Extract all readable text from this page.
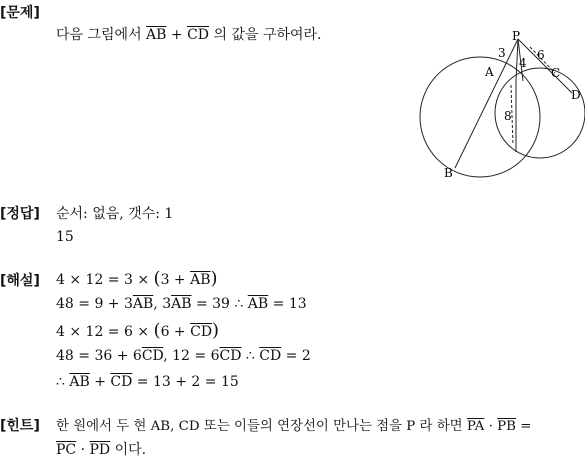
[문제]
다음 그림에서 $\overline{AB} + \overline{CD}$ 의 값을 구하여라.	P
A
B
C
D
3	6
4
8
[정답] 순서: 없음, 갯수: 1
15
[해설] $4 \times 12 = 3 \times (3 + \overline{AB})$
$48 = 9 + 3\overline{AB}$, $3\overline{AB} = 39$ ∴ $\overline{AB} = 13$
$4 \times 12 = 6 \times (6 + \overline{CD})$
$48 = 36 + 6\overline{CD}$, $12 = 6\overline{CD}$ ∴ $\overline{CD} = 2$
∴ $\overline{AB} + \overline{CD} = 13 + 2 = 15$
[힌트] 한 원에서 두 현 AB, CD 또는 이들의 연장선이 만나는 점을 P 라 하면 $\overline{PA} \cdot \overline{PB}$ =
$\overline{PC} \cdot \overline{PD}$ 이다.
